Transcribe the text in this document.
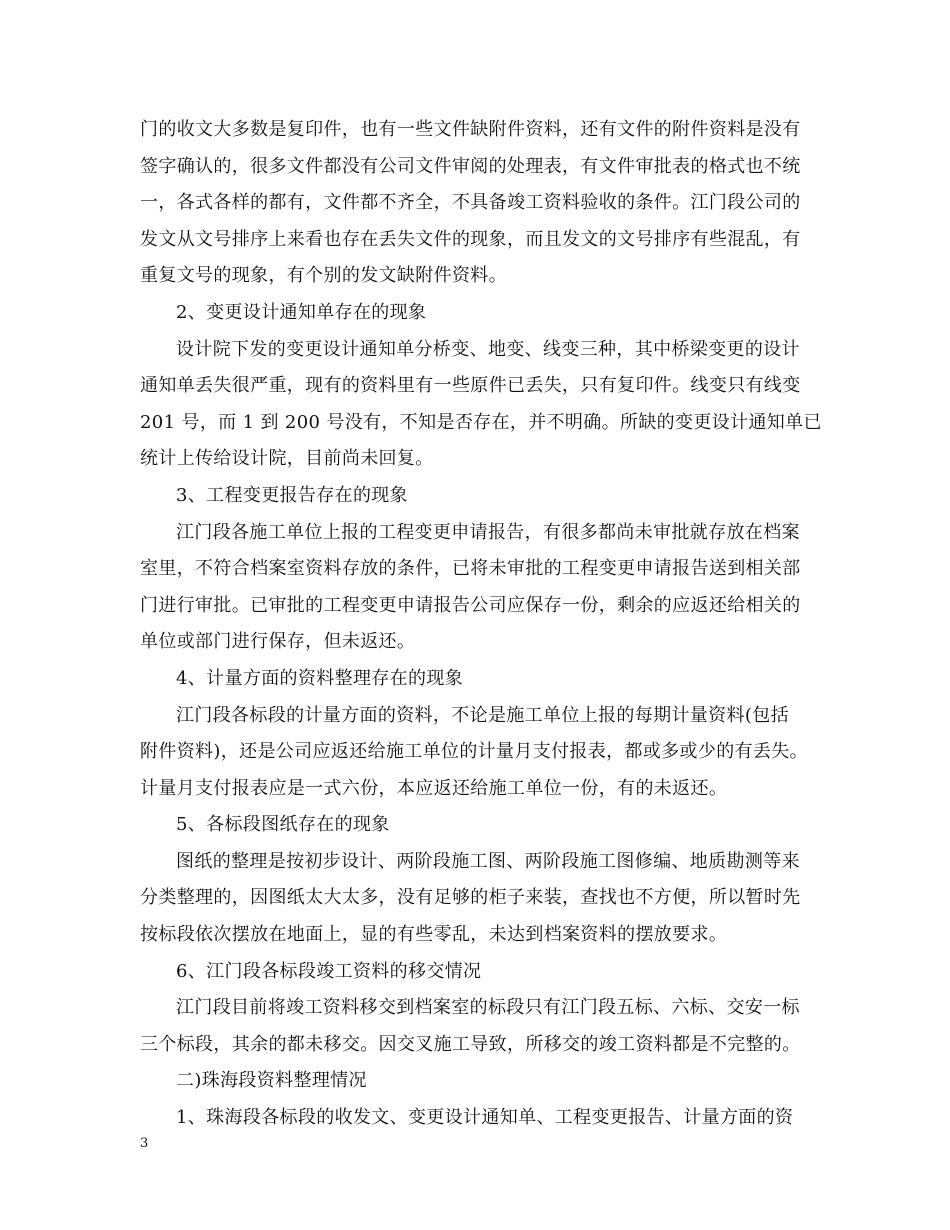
门的收文大多数是复印件，也有一些文件缺附件资料，还有文件的附件资料是没有
签字确认的，很多文件都没有公司文件审阅的处理表，有文件审批表的格式也不统
一，各式各样的都有，文件都不齐全，不具备竣工资料验收的条件。江门段公司的
发文从文号排序上来看也存在丢失文件的现象，而且发文的文号排序有些混乱，有
重复文号的现象，有个别的发文缺附件资料。
2、变更设计通知单存在的现象
设计院下发的变更设计通知单分桥变、地变、线变三种，其中桥梁变更的设计
通知单丢失很严重，现有的资料里有一些原件已丢失，只有复印件。线变只有线变
201 号，而 1 到 200 号没有，不知是否存在，并不明确。所缺的变更设计通知单已
统计上传给设计院，目前尚未回复。
3、工程变更报告存在的现象
江门段各施工单位上报的工程变更申请报告，有很多都尚未审批就存放在档案
室里，不符合档案室资料存放的条件，已将未审批的工程变更申请报告送到相关部
门进行审批。已审批的工程变更申请报告公司应保存一份，剩余的应返还给相关的
单位或部门进行保存，但未返还。
4、计量方面的资料整理存在的现象
江门段各标段的计量方面的资料，不论是施工单位上报的每期计量资料(包括
附件资料)，还是公司应返还给施工单位的计量月支付报表，都或多或少的有丢失。
计量月支付报表应是一式六份，本应返还给施工单位一份，有的未返还。
5、各标段图纸存在的现象
图纸的整理是按初步设计、两阶段施工图、两阶段施工图修编、地质勘测等来
分类整理的，因图纸太大太多，没有足够的柜子来装，查找也不方便，所以暂时先
按标段依次摆放在地面上，显的有些零乱，未达到档案资料的摆放要求。
6、江门段各标段竣工资料的移交情况
江门段目前将竣工资料移交到档案室的标段只有江门段五标、六标、交安一标
三个标段，其余的都未移交。因交叉施工导致，所移交的竣工资料都是不完整的。
二)珠海段资料整理情况
1、珠海段各标段的收发文、变更设计通知单、工程变更报告、计量方面的资
3
